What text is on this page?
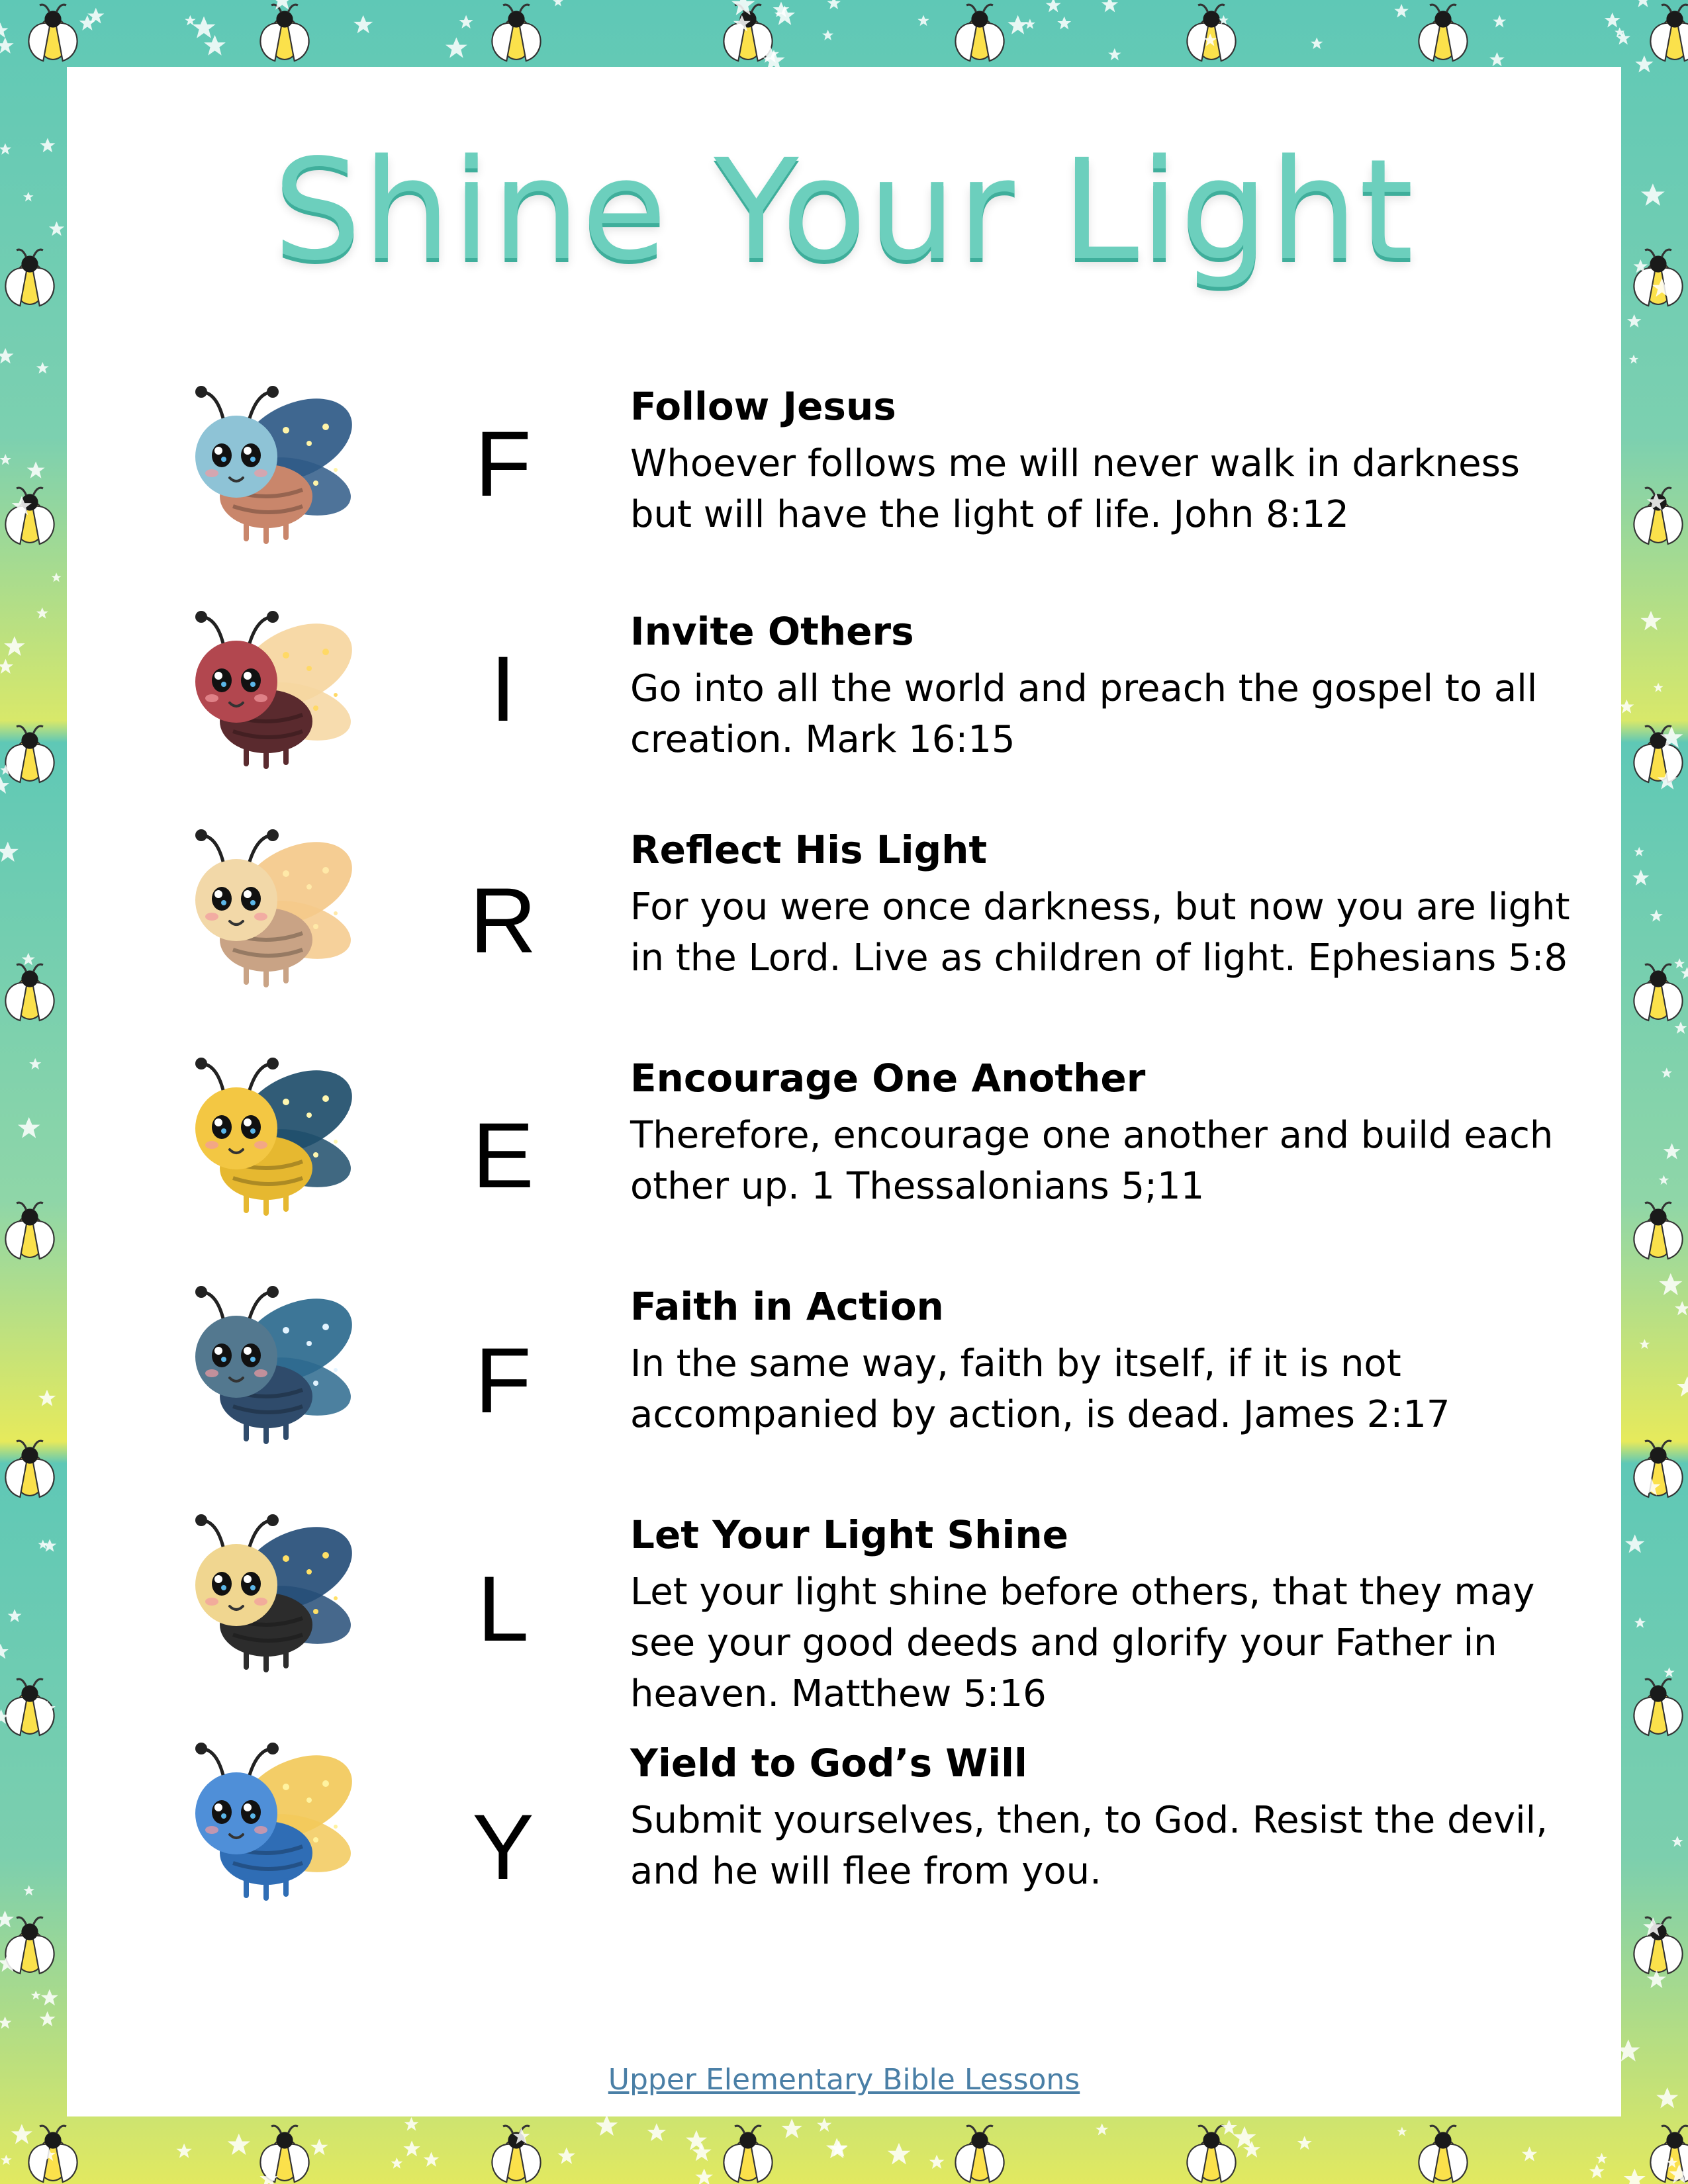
Shine Your Light
F
Follow Jesus
Whoever follows me will never walk in darkness but will have the light of life. John 8:12
I
Invite Others
Go into all the world and preach the gospel to all creation. Mark 16:15
R
Reflect His Light
For you were once darkness, but now you are light in the Lord. Live as children of light. Ephesians 5:8
E
Encourage One Another
Therefore, encourage one another and build each other up. 1 Thessalonians 5;11
F
Faith in Action
In the same way, faith by itself, if it is not accompanied by action, is dead. James 2:17
L
Let Your Light Shine
Let your light shine before others, that they may see your good deeds and glorify your Father in heaven. Matthew 5:16
Y
Yield to God’s Will
Submit yourselves, then, to God. Resist the devil, and he will flee from you.
Upper Elementary Bible Lessons
